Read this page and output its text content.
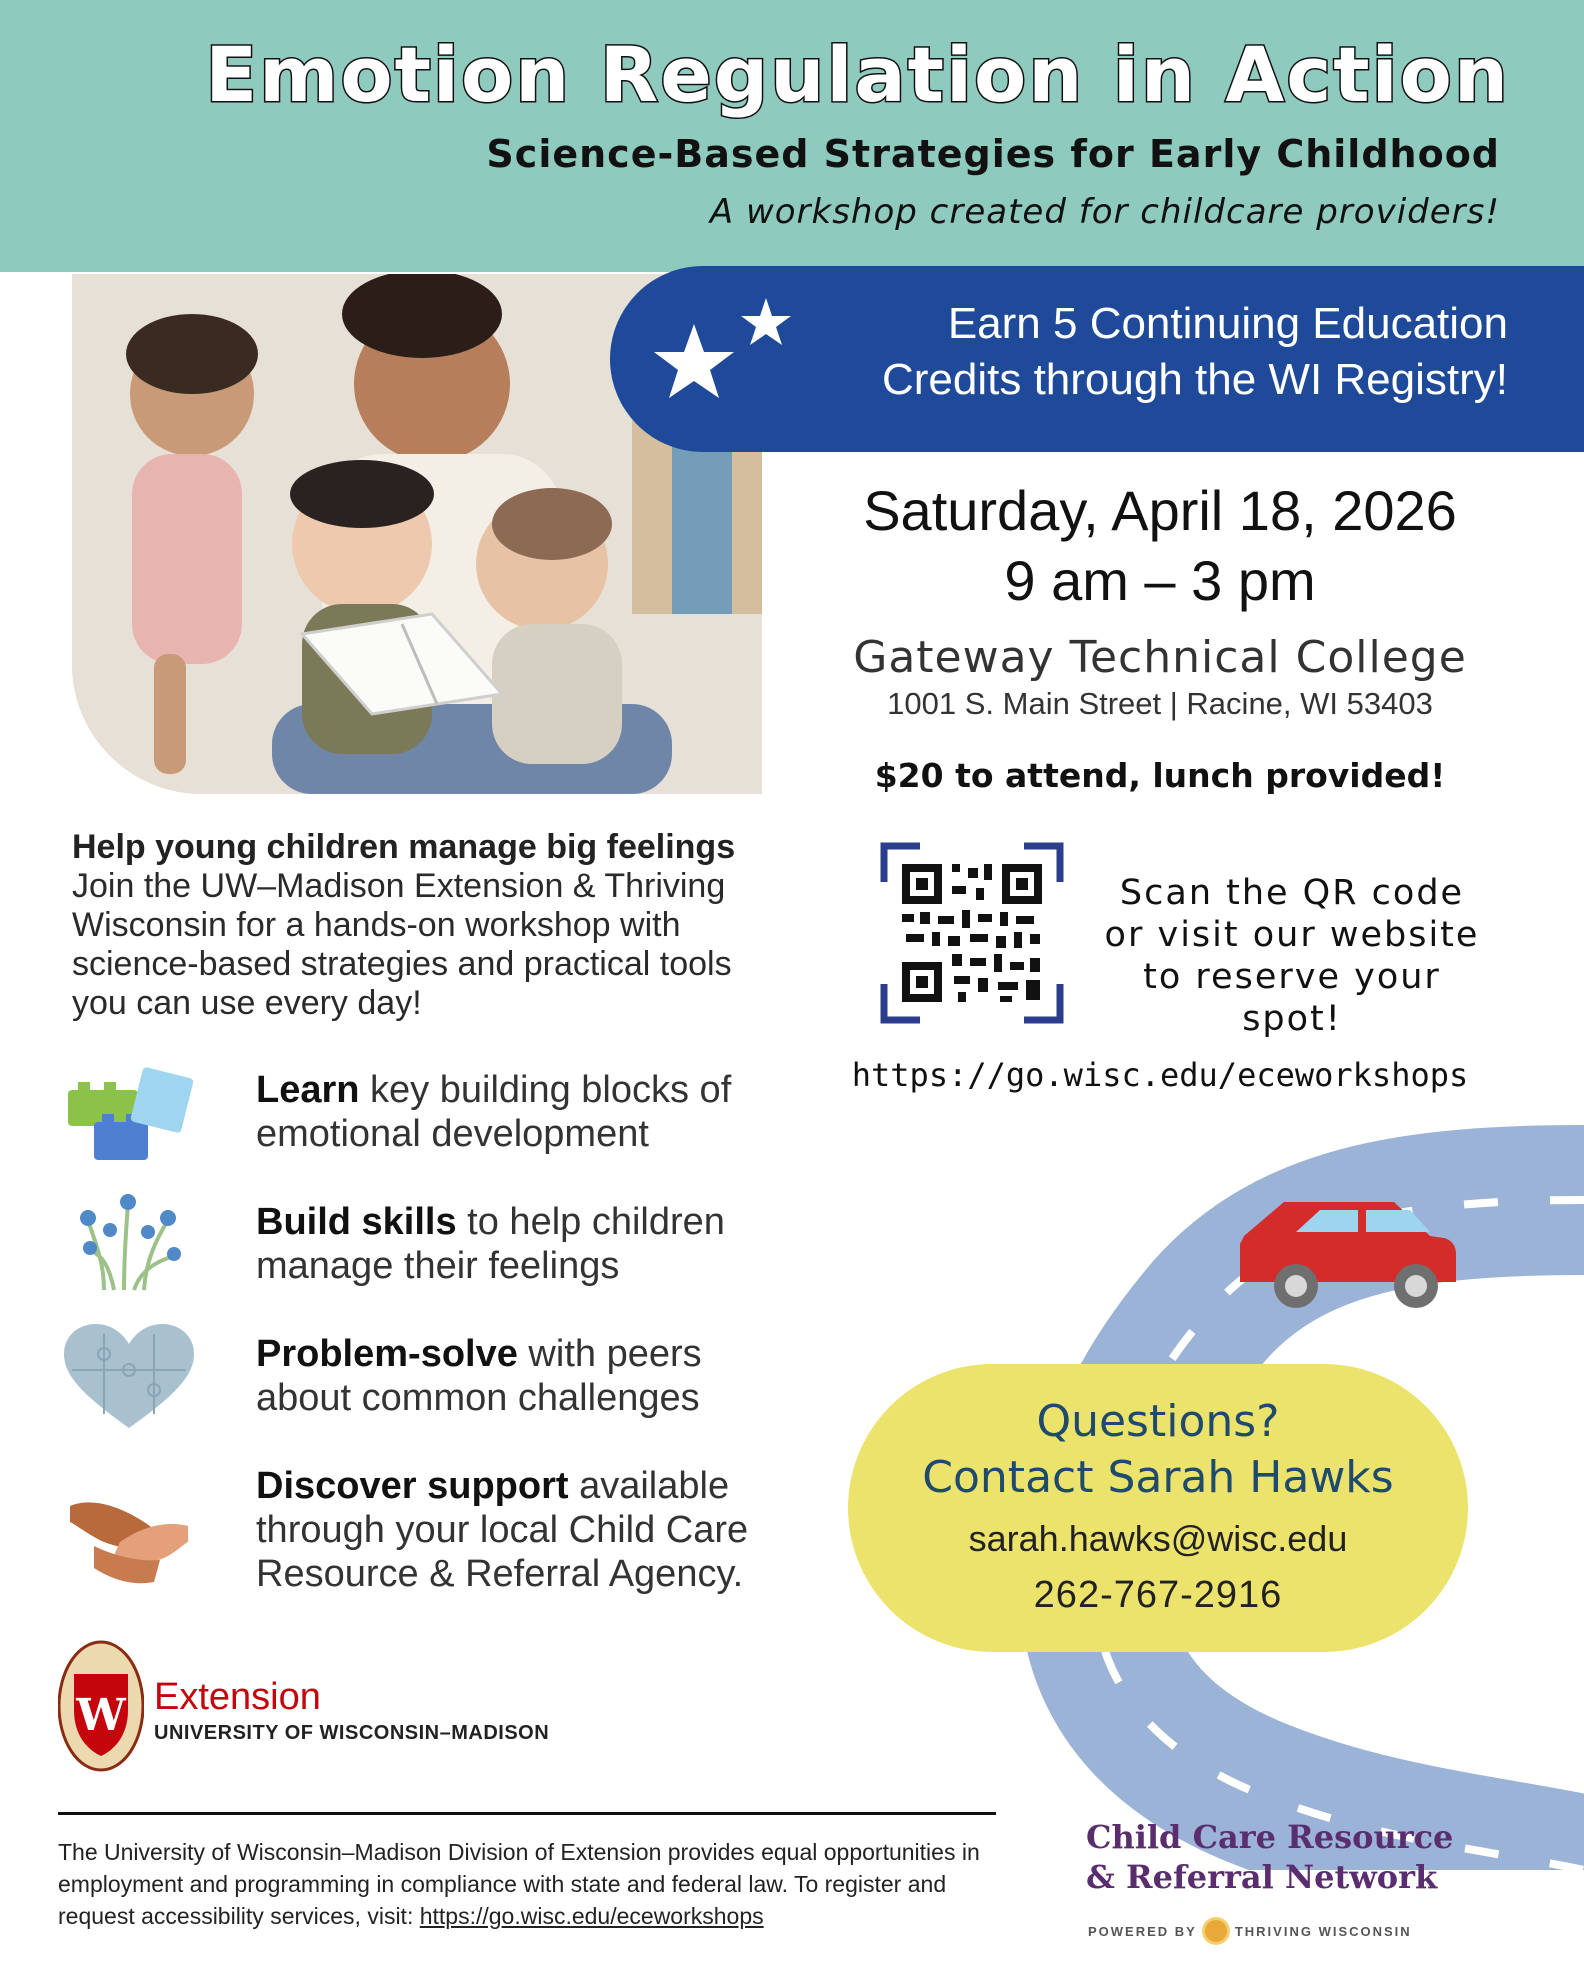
Emotion Regulation in Action
Science-Based Strategies for Early Childhood
A workshop created for childcare providers!
Earn 5 Continuing Education
Credits through the WI Registry!
Saturday, April 18, 2026
9 am – 3 pm
Gateway Technical College
1001 S. Main Street | Racine, WI 53403
$20 to attend, lunch provided!
Scan the QR code
or visit our website
to reserve your spot!
https://go.wisc.edu/eceworkshops
Help young children manage big feelings
Join the UW–Madison Extension & Thriving Wisconsin for a hands-on workshop with science-based strategies and practical tools you can use every day!
Learn key building blocks of emotional development
Build skills to help children manage their feelings
Problem-solve with peers about common challenges
Discover support available through your local Child Care Resource & Referral Agency.
Questions?
Contact Sarah Hawks
sarah.hawks@wisc.edu
262-767-2916
W Extension
UNIVERSITY OF WISCONSIN–MADISON
The University of Wisconsin–Madison Division of Extension provides equal opportunities in employment and programming in compliance with state and federal law. To register and request accessibility services, visit: https://go.wisc.edu/eceworkshops
Child Care Resource
& Referral Network
POWERED BY	THRIVING WISCONSIN
